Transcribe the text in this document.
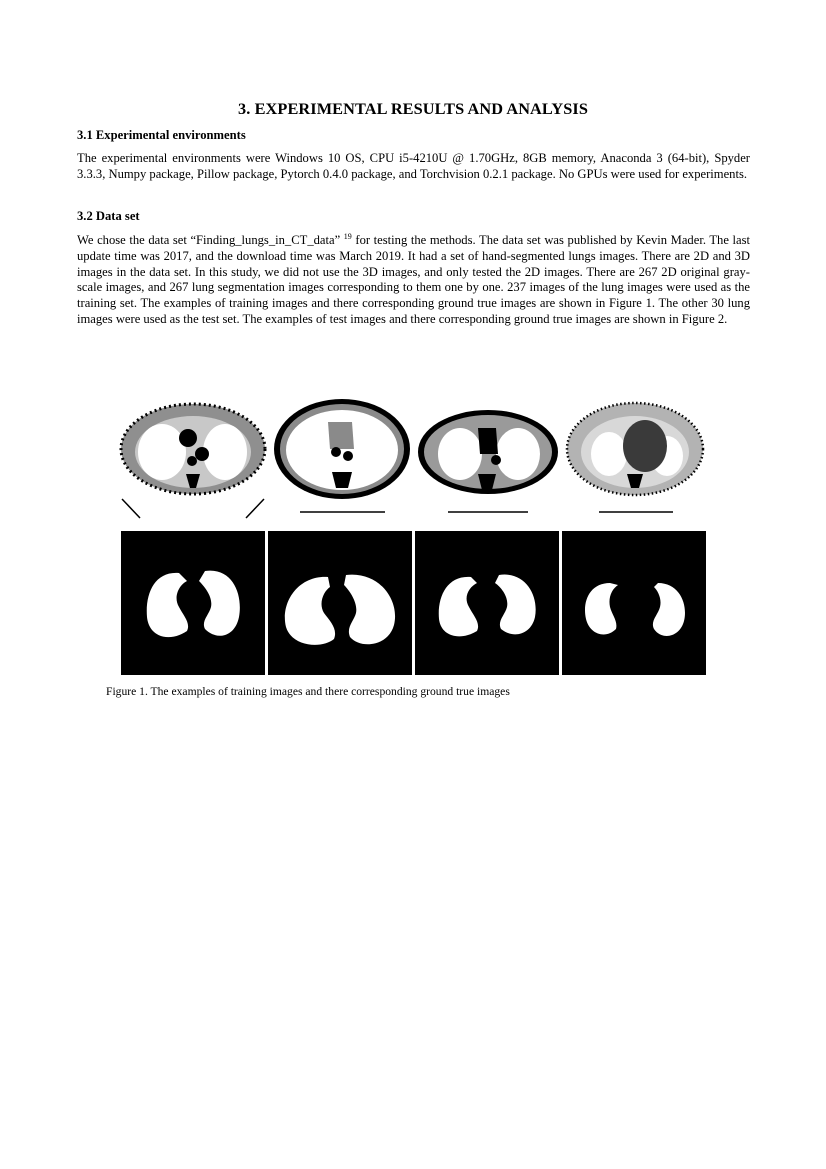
3. EXPERIMENTAL RESULTS AND ANALYSIS
3.1 Experimental environments
The experimental environments were Windows 10 OS, CPU i5-4210U @ 1.70GHz, 8GB memory, Anaconda 3 (64-bit), Spyder 3.3.3, Numpy package, Pillow package, Pytorch 0.4.0 package, and Torchvision 0.2.1 package. No GPUs were used for experiments.
3.2 Data set
We chose the data set “Finding_lungs_in_CT_data” $^{19}$ for testing the methods. The data set was published by Kevin Mader. The last update time was 2017, and the download time was March 2019. It had a set of hand-segmented lungs images. There are 2D and 3D images in the data set. In this study, we did not use the 3D images, and only tested the 2D images. There are 267 2D original gray-scale images, and 267 lung segmentation images corresponding to them one by one. 237 images of the lung images were used as the training set. The examples of training images and there corresponding ground true images are shown in Figure 1. The other 30 lung images were used as the test set. The examples of test images and there corresponding ground true images are shown in Figure 2.
Figure 1. The examples of training images and there corresponding ground true images
